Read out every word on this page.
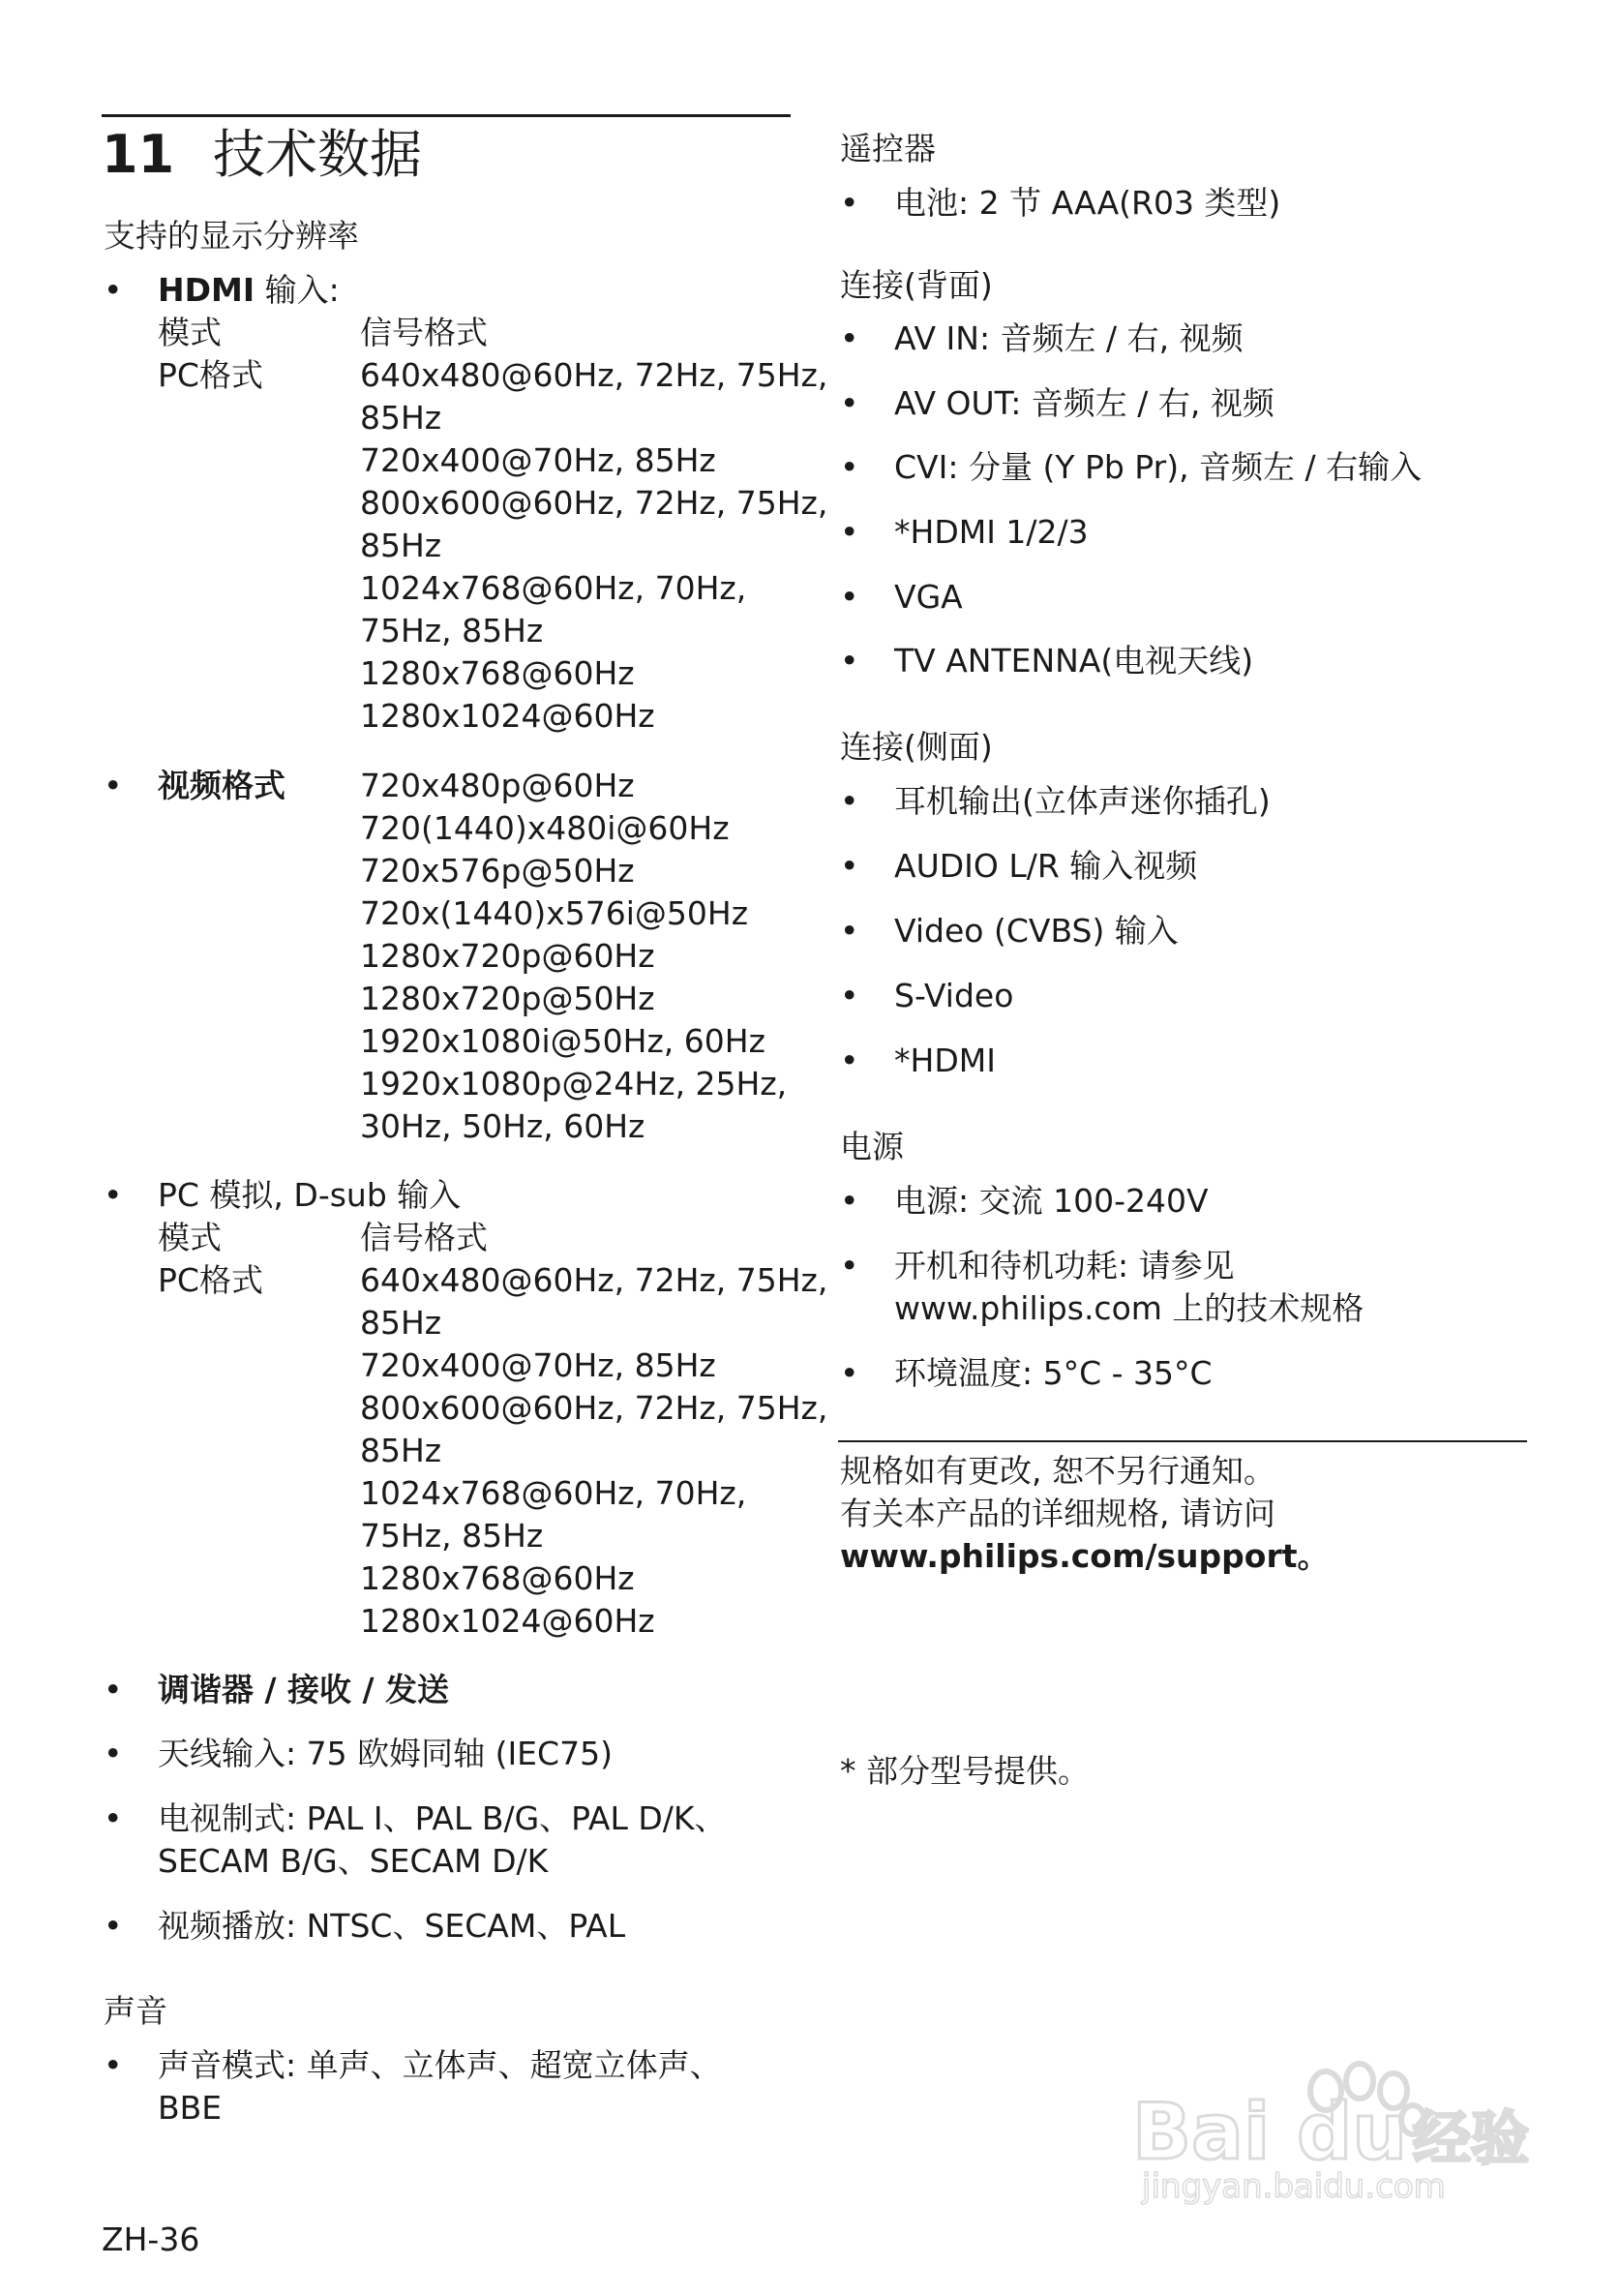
11 技术数据
支持的显示分辨率
• HDMI 输入:
模式	信号格式
PC格式	640x480@60Hz, 72Hz, 75Hz,
85Hz
720x400@70Hz, 85Hz
800x600@60Hz, 72Hz, 75Hz,
85Hz
1024x768@60Hz, 70Hz,
75Hz, 85Hz
1280x768@60Hz
1280x1024@60Hz
• 视频格式 720x480p@60Hz
720(1440)x480i@60Hz
720x576p@50Hz
720x(1440)x576i@50Hz
1280x720p@60Hz
1280x720p@50Hz
1920x1080i@50Hz, 60Hz
1920x1080p@24Hz, 25Hz,
30Hz, 50Hz, 60Hz
• PC 模拟, D-sub 输入
模式	信号格式
PC格式	640x480@60Hz, 72Hz, 75Hz,
85Hz
720x400@70Hz, 85Hz
800x600@60Hz, 72Hz, 75Hz,
85Hz
1024x768@60Hz, 70Hz,
75Hz, 85Hz
1280x768@60Hz
1280x1024@60Hz
• 调谐器 / 接收 / 发送
• 天线输入: 75 欧姆同轴 (IEC75)
• 电视制式: PAL I、PAL B/G、PAL D/K、
SECAM B/G、SECAM D/K
• 视频播放: NTSC、SECAM、PAL
声音
• 声音模式: 单声、立体声、超宽立体声、
BBE
ZH-36
遥控器
• 电池: 2 节 AAA(R03 类型)
连接(背面)
• AV IN: 音频左 / 右, 视频
• AV OUT: 音频左 / 右, 视频
• CVI: 分量 (Y Pb Pr), 音频左 / 右输入
• *HDMI 1/2/3
• VGA
• TV ANTENNA(电视天线)
连接(侧面)
• 耳机输出(立体声迷你插孔)
• AUDIO L/R 输入视频
• Video (CVBS) 输入
• S-Video
• *HDMI
电源
• 电源: 交流 100-240V
• 开机和待机功耗: 请参见
www.philips.com 上的技术规格
• 环境温度: 5°C - 35°C
规格如有更改, 恕不另行通知。
有关本产品的详细规格, 请访问
www.philips.com/support。
* 部分型号提供。
Bai du 经验
jingyan.baidu.com
